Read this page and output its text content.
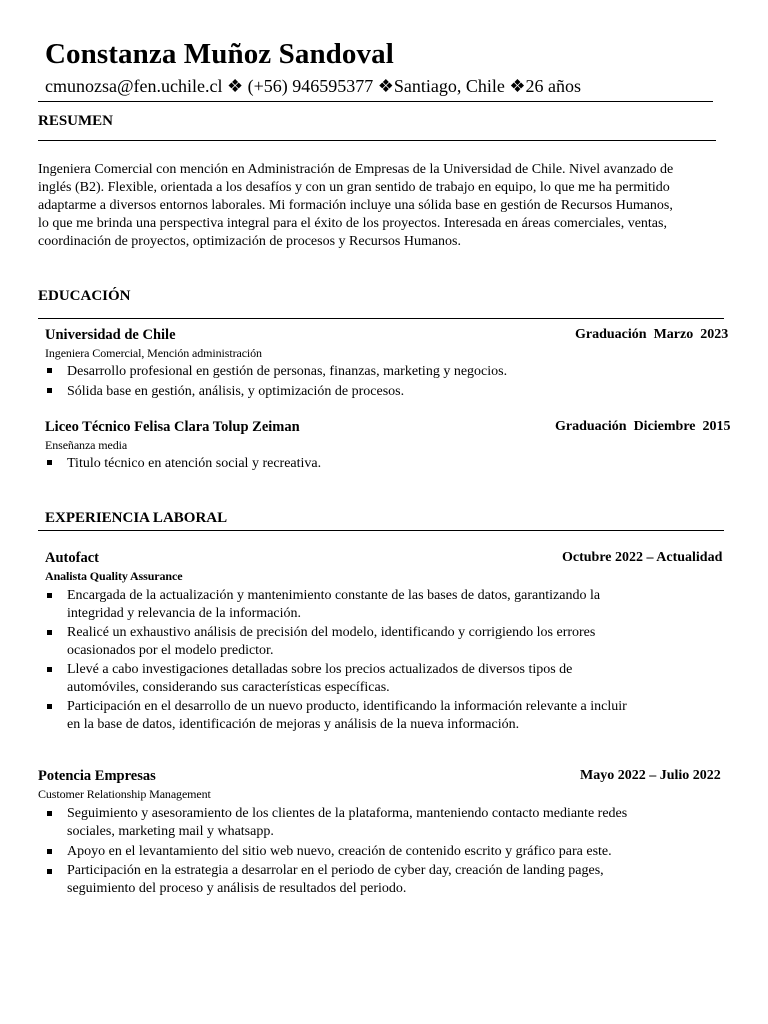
Constanza Muñoz Sandoval
cmunozsa@fen.uchile.cl ❖ (+56) 946595377 ❖Santiago, Chile ❖26 años
RESUMEN
Ingeniera Comercial con mención en Administración de Empresas de la Universidad de Chile. Nivel avanzado de
inglés (B2). Flexible, orientada a los desafíos y con un gran sentido de trabajo en equipo, lo que me ha permitido
adaptarme a diversos entornos laborales. Mi formación incluye una sólida base en gestión de Recursos Humanos,
lo que me brinda una perspectiva integral para el éxito de los proyectos. Interesada en áreas comerciales, ventas,
coordinación de proyectos, optimización de procesos y Recursos Humanos.
EDUCACIÓN
Universidad de Chile	Graduación  Marzo  2023
Ingeniera Comercial, Mención administración
Desarrollo profesional en gestión de personas, finanzas, marketing y negocios.
Sólida base en gestión, análisis, y optimización de procesos.
Liceo Técnico Felisa Clara Tolup Zeiman	Graduación  Diciembre  2015
Enseñanza media
Titulo técnico en atención social y recreativa.
EXPERIENCIA LABORAL
Autofact	Octubre 2022 – Actualidad
Analista Quality Assurance
Encargada de la actualización y mantenimiento constante de las bases de datos, garantizando la
integridad y relevancia de la información.
Realicé un exhaustivo análisis de precisión del modelo, identificando y corrigiendo los errores
ocasionados por el modelo predictor.
Llevé a cabo investigaciones detalladas sobre los precios actualizados de diversos tipos de
automóviles, considerando sus características específicas.
Participación en el desarrollo de un nuevo producto, identificando la información relevante a incluir
en la base de datos, identificación de mejoras y análisis de la nueva información.
Potencia Empresas	Mayo 2022 – Julio 2022
Customer Relationship Management
Seguimiento y asesoramiento de los clientes de la plataforma, manteniendo contacto mediante redes
sociales, marketing mail y whatsapp.
Apoyo en el levantamiento del sitio web nuevo, creación de contenido escrito y gráfico para este.
Participación en la estrategia a desarrolar en el periodo de cyber day, creación de landing pages,
seguimiento del proceso y análisis de resultados del periodo.
